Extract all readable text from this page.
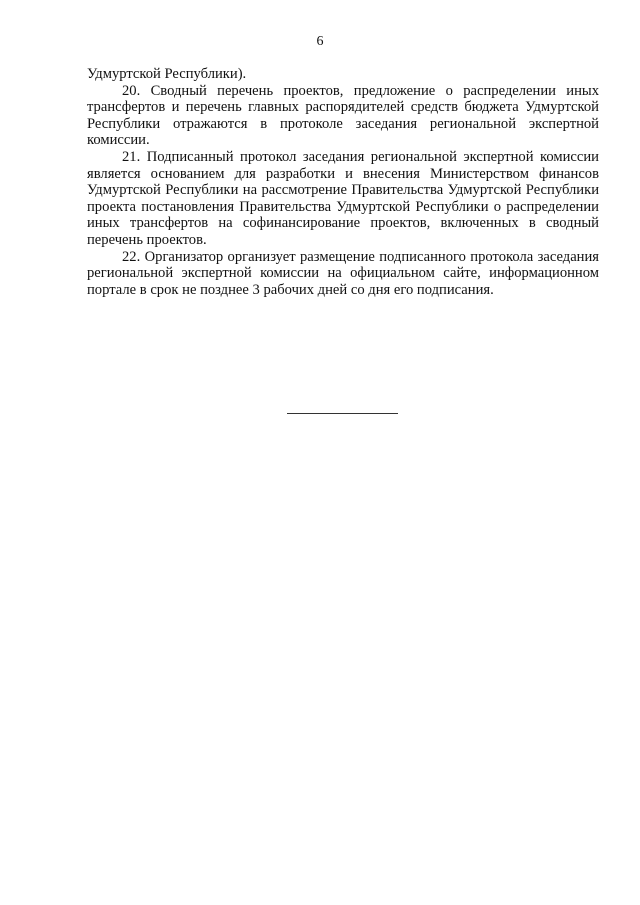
6

Удмуртской Республики).

20. Сводный перечень проектов, предложение о распределении иных трансфертов и перечень главных распорядителей средств бюджета Удмуртской Республики отражаются в протоколе заседания региональной экспертной комиссии.

21. Подписанный протокол заседания региональной экспертной комиссии является основанием для разработки и внесения Министерством финансов Удмуртской Республики на рассмотрение Правительства Удмуртской Республики проекта постановления Правительства Удмуртской Республики о распределении иных трансфертов на софинансирование проектов, включенных в сводный перечень проектов.

22. Организатор организует размещение подписанного протокола заседания региональной экспертной комиссии на официальном сайте, информационном портале в срок не позднее 3 рабочих дней со дня его подписания.
